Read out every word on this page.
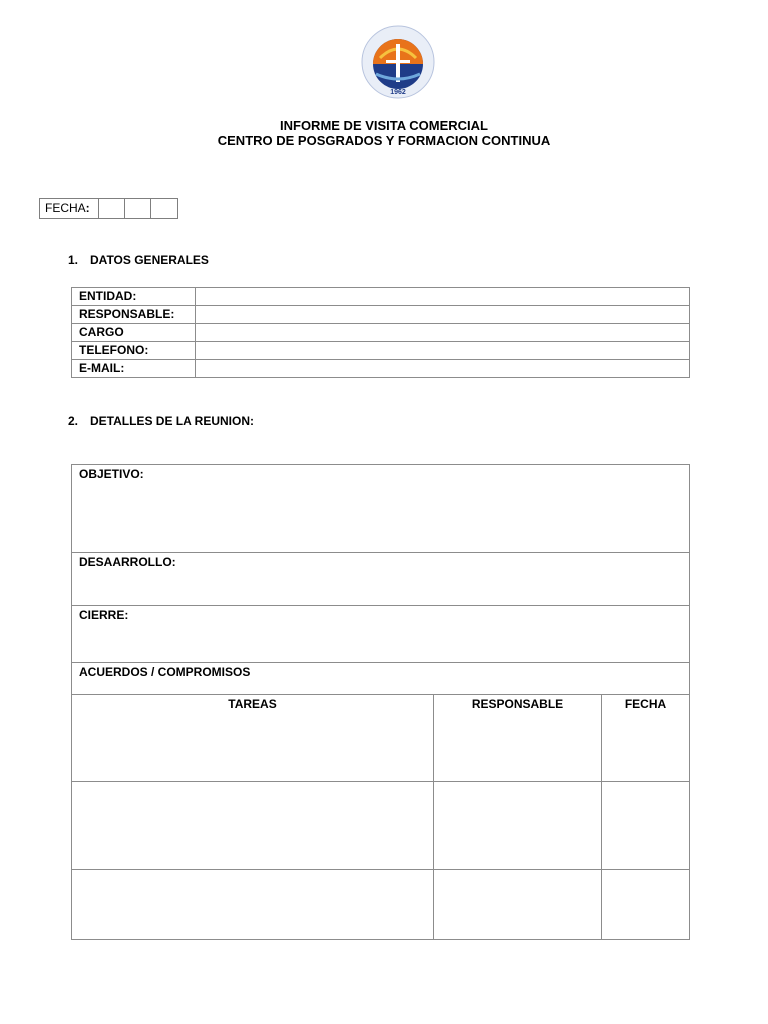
1962
INFORME DE VISITA COMERCIAL
CENTRO DE POSGRADOS Y FORMACION CONTINUA
FECHA:
1. DATOS GENERALES
ENTIDAD:	
RESPONSABLE:	
CARGO	
TELEFONO:	
E-MAIL:	
2. DETALLES DE LA REUNION:
OBJETIVO:		
DESAARROLLO:		
CIERRE:		
ACUERDOS / COMPROMISOS		
TAREAS	RESPONSABLE	FECHA
